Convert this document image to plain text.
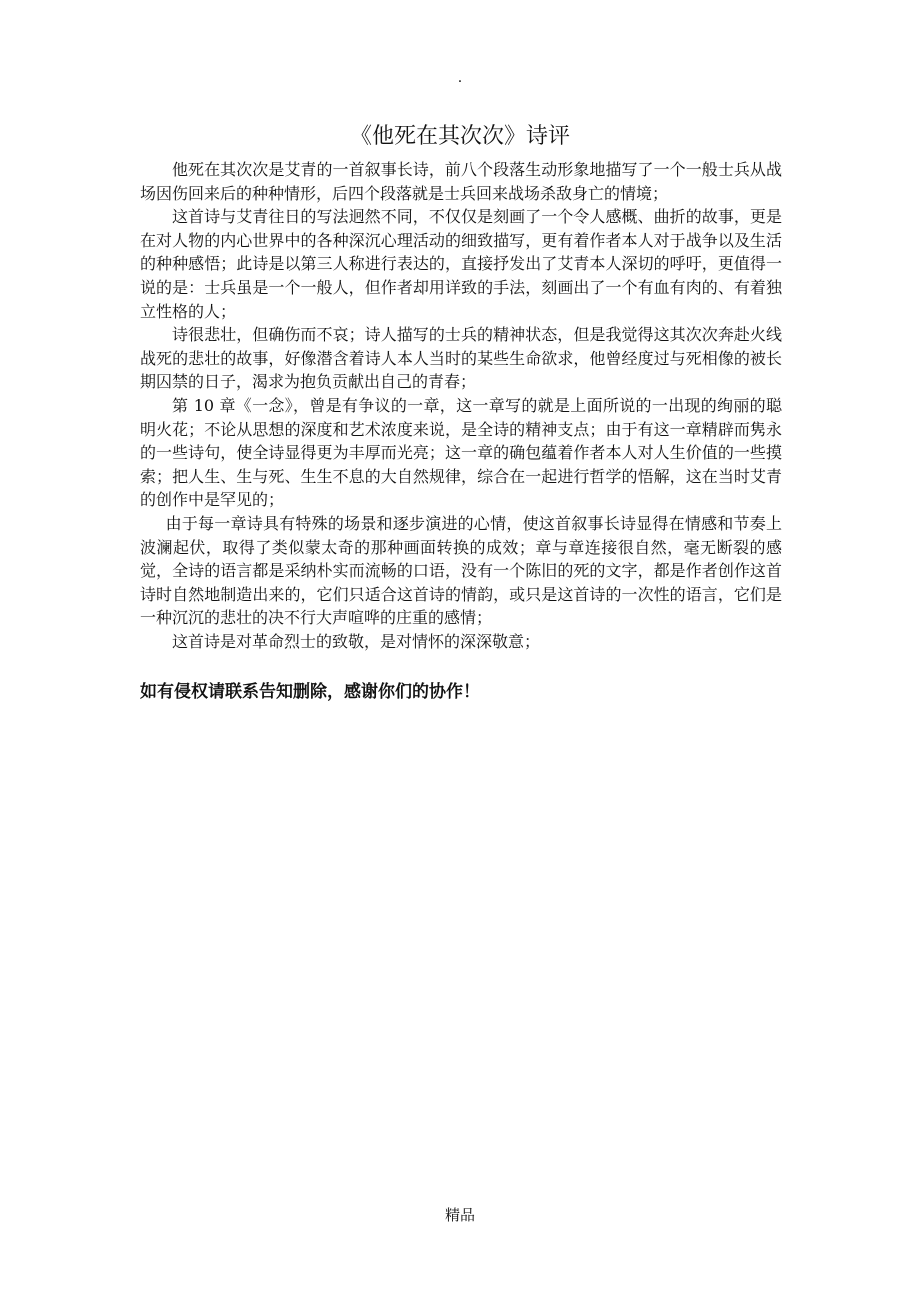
.
《他死在其次次》诗评

他死在其次次是艾青的一首叙事长诗，前八个段落生动形象地描写了一个一般士兵从战场因伤回来后的种种情形，后四个段落就是士兵回来战场杀敌身亡的情境；

这首诗与艾青往日的写法迥然不同，不仅仅是刻画了一个令人感概、曲折的故事，更是在对人物的内心世界中的各种深沉心理活动的细致描写，更有着作者本人对于战争以及生活的种种感悟；此诗是以第三人称进行表达的，直接抒发出了艾青本人深切的呼吁，更值得一说的是：士兵虽是一个一般人，但作者却用详致的手法，刻画出了一个有血有肉的、有着独立性格的人；

诗很悲壮，但确伤而不哀；诗人描写的士兵的精神状态，但是我觉得这其次次奔赴火线战死的悲壮的故事，好像潜含着诗人本人当时的某些生命欲求，他曾经度过与死相像的被长期囚禁的日子，渴求为抱负贡献出自己的青春；

第 10 章《一念》，曾是有争议的一章，这一章写的就是上面所说的一出现的绚丽的聪明火花；不论从思想的深度和艺术浓度来说，是全诗的精神支点；由于有这一章精辟而隽永的一些诗句，使全诗显得更为丰厚而光亮；这一章的确包蕴着作者本人对人生价值的一些摸索；把人生、生与死、生生不息的大自然规律，综合在一起进行哲学的悟解，这在当时艾青的创作中是罕见的；

由于每一章诗具有特殊的场景和逐步演进的心情，使这首叙事长诗显得在情感和节奏上波澜起伏，取得了类似蒙太奇的那种画面转换的成效；章与章连接很自然，毫无断裂的感觉，全诗的语言都是采纳朴实而流畅的口语，没有一个陈旧的死的文字，都是作者创作这首诗时自然地制造出来的，它们只适合这首诗的情韵，或只是这首诗的一次性的语言，它们是一种沉沉的悲壮的决不行大声喧哗的庄重的感情；

这首诗是对革命烈士的致敬，是对情怀的深深敬意；

如有侵权请联系告知删除，感谢你们的协作！
精品
